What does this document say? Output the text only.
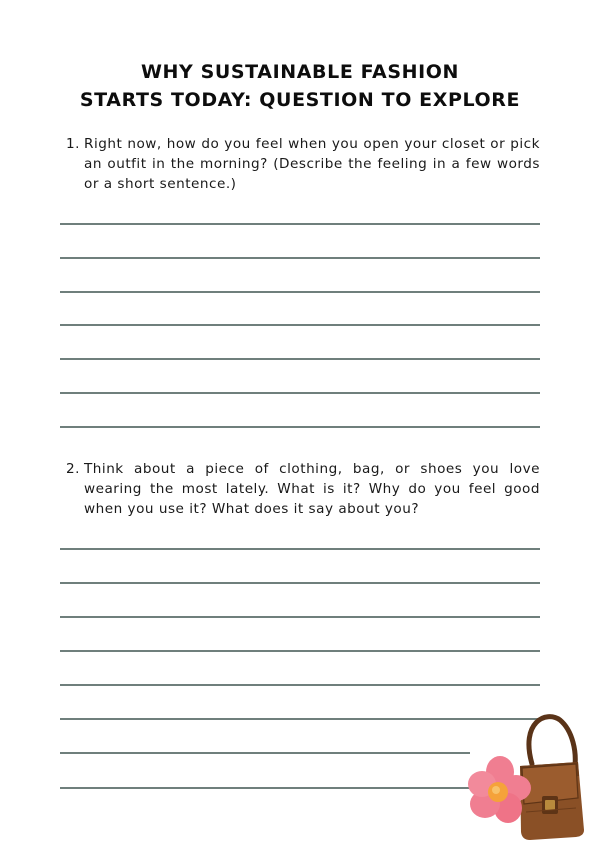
WHY SUSTAINABLE FASHION
STARTS TODAY: QUESTION TO EXPLORE
1. Right now, how do you feel when you open your closet or pick an outfit in the morning? (Describe the feeling in a few words or a short sentence.)
2. Think about a piece of clothing, bag, or shoes you love wearing the most lately. What is it? Why do you feel good when you use it? What does it say about you?
